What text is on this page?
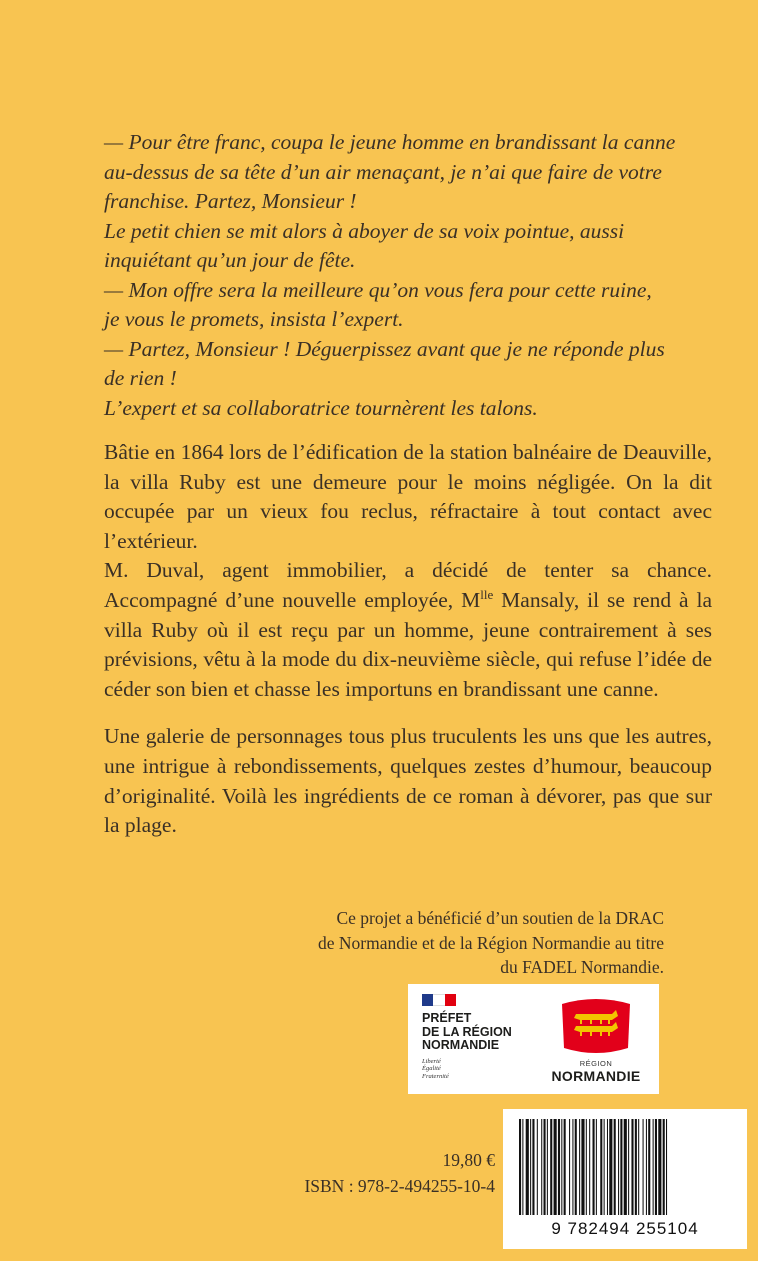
— Pour être franc, coupa le jeune homme en brandissant la canne

au-dessus de sa tête d’un air menaçant, je n’ai que faire de votre

franchise. Partez, Monsieur !

Le petit chien se mit alors à aboyer de sa voix pointue, aussi

inquiétant qu’un jour de fête.

— Mon offre sera la meilleure qu’on vous fera pour cette ruine,

je vous le promets, insista l’expert.

— Partez, Monsieur ! Déguerpissez avant que je ne réponde plus

de rien !

L’expert et sa collaboratrice tournèrent les talons.

Bâtie en 1864 lors de l’édification de la station balnéaire de Deauville, la villa Ruby est une demeure pour le moins négligée. On la dit occupée par un vieux fou reclus, réfractaire à tout contact avec l’extérieur.
M. Duval, agent immobilier, a décidé de tenter sa chance. Accompagné d’une nouvelle employée, $M^{lle}$ Mansaly, il se rend à la villa Ruby où il est reçu par un homme, jeune contrairement à ses prévisions, vêtu à la mode du dix-neuvième siècle, qui refuse l’idée de céder son bien et chasse les importuns en brandissant une canne.

Une galerie de personnages tous plus truculents les uns que les autres, une intrigue à rebondissements, quelques zestes d’humour, beaucoup d’originalité. Voilà les ingrédients de ce roman à dévorer, pas que sur la plage.

Ce projet a bénéficié d’un soutien de la DRAC

de Normandie et de la Région Normandie au titre

du FADEL Normandie.

PRÉFET
DE LA RÉGION
NORMANDIE
Liberté
Égalité
Fraternité
RÉGION
NORMANDIE

19,80 €

ISBN : 978-2-494255-10-4

9 782494 255104
